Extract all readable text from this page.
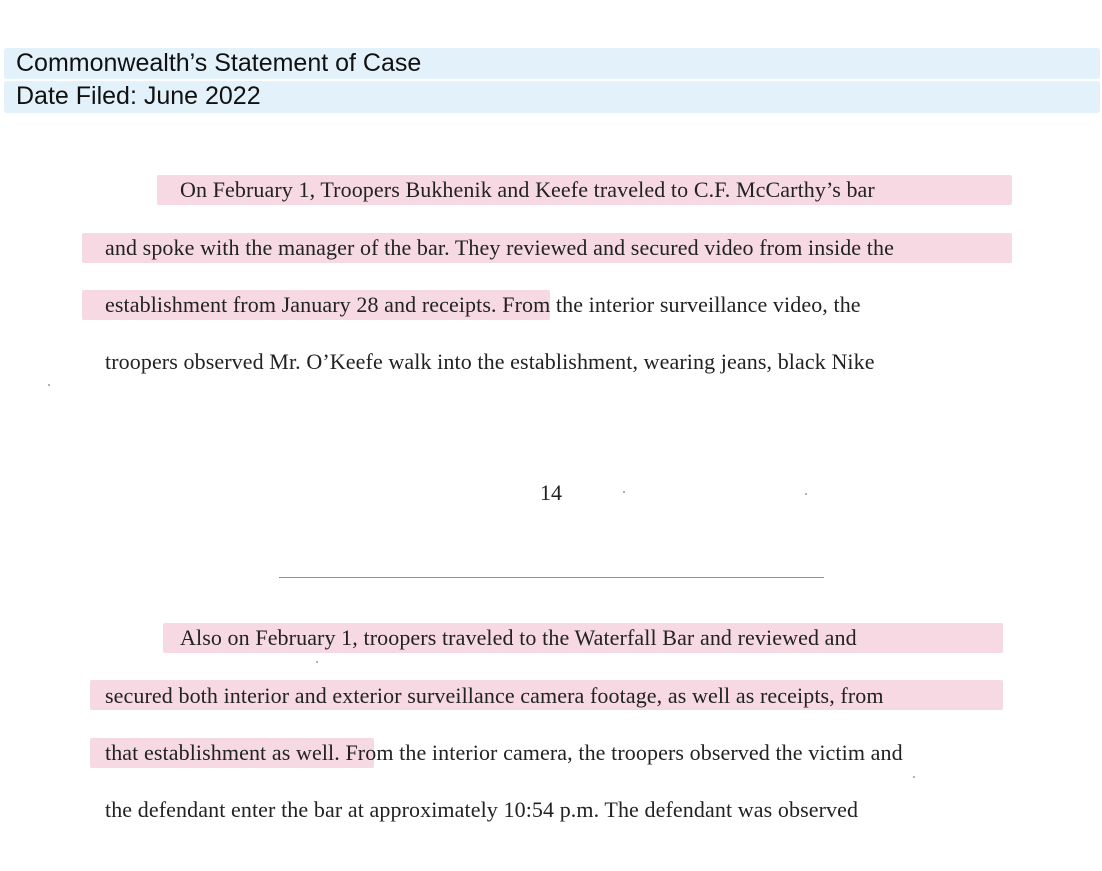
Commonwealth’s Statement of Case
Date Filed: June 2022
On February 1, Troopers Bukhenik and Keefe traveled to C.F. McCarthy’s bar
and spoke with the manager of the bar. They reviewed and secured video from inside the
establishment from January 28 and receipts. From the interior surveillance video, the
troopers observed Mr. O’Keefe walk into the establishment, wearing jeans, black Nike
14
Also on February 1, troopers traveled to the Waterfall Bar and reviewed and
secured both interior and exterior surveillance camera footage, as well as receipts, from
that establishment as well. From the interior camera, the troopers observed the victim and
the defendant enter the bar at approximately 10:54 p.m. The defendant was observed
